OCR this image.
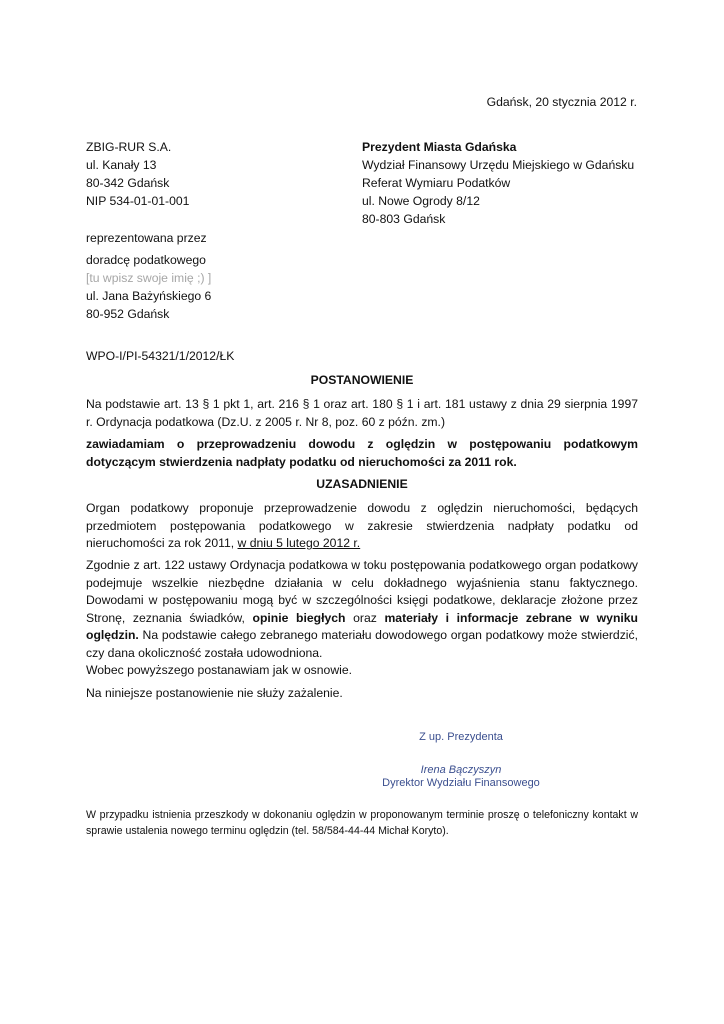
Gdańsk, 20 stycznia 2012 r.
ZBIG-RUR S.A.
ul. Kanały 13
80-342 Gdańsk
NIP 534-01-01-001
Prezydent Miasta Gdańska
Wydział Finansowy Urzędu Miejskiego w Gdańsku
Referat Wymiaru Podatków
ul. Nowe Ogrody 8/12
80-803 Gdańsk
reprezentowana przez
doradcę podatkowego
[tu wpisz swoje imię ;) ]
ul. Jana Bażyńskiego 6
80-952 Gdańsk
WPO-I/PI-54321/1/2012/ŁK
POSTANOWIENIE
Na podstawie art. 13 § 1 pkt 1, art. 216 § 1 oraz art. 180 § 1 i art. 181 ustawy z dnia 29 sierpnia 1997 r. Ordynacja podatkowa (Dz.U. z 2005 r. Nr 8, poz. 60 z późn. zm.)
zawiadamiam o przeprowadzeniu dowodu z oględzin w postępowaniu podatkowym dotyczącym stwierdzenia nadpłaty podatku od nieruchomości za 2011 rok.
UZASADNIENIE
Organ podatkowy proponuje przeprowadzenie dowodu z oględzin nieruchomości, będących przedmiotem postępowania podatkowego w zakresie stwierdzenia nadpłaty podatku od nieruchomości za rok 2011, w dniu 5 lutego 2012 r.
Zgodnie z art. 122 ustawy Ordynacja podatkowa w toku postępowania podatkowego organ podatkowy podejmuje wszelkie niezbędne działania w celu dokładnego wyjaśnienia stanu faktycznego. Dowodami w postępowaniu mogą być w szczególności księgi podatkowe, deklaracje złożone przez Stronę, zeznania świadków, opinie biegłych oraz materiały i informacje zebrane w wyniku oględzin. Na podstawie całego zebranego materiału dowodowego organ podatkowy może stwierdzić, czy dana okoliczność została udowodniona.
Wobec powyższego postanawiam jak w osnowie.
Na niniejsze postanowienie nie służy zażalenie.
Z up. Prezydenta
Irena Bączyszyn
Dyrektor Wydziału Finansowego
W przypadku istnienia przeszkody w dokonaniu oględzin w proponowanym terminie proszę o telefoniczny kontakt w sprawie ustalenia nowego terminu oględzin (tel. 58/584-44-44 Michał Koryto).
